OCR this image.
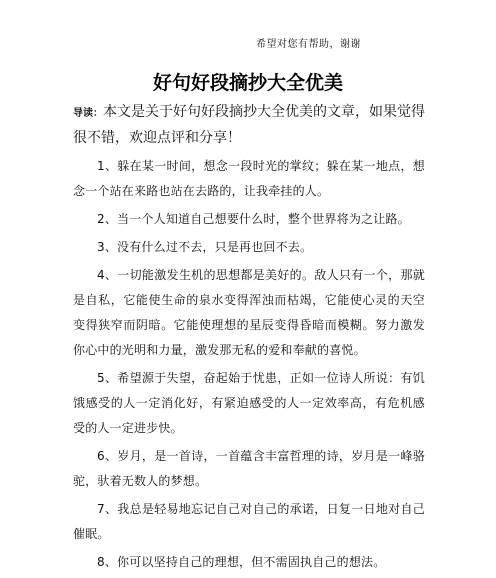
希望对您有帮助，谢谢
好句好段摘抄大全优美

导读：本文是关于好句好段摘抄大全优美的文章，如果觉得很不错，欢迎点评和分享！

1、躲在某一时间，想念一段时光的掌纹；躲在某一地点，想念一个站在来路也站在去路的，让我牵挂的人。

2、当一个人知道自己想要什么时，整个世界将为之让路。

3、没有什么过不去，只是再也回不去。

4、一切能激发生机的思想都是美好的。敌人只有一个，那就是自私，它能使生命的泉水变得浑浊而枯竭，它能使心灵的天空变得狭窄而阴暗。它能使理想的星辰变得昏暗而模糊。努力激发你心中的光明和力量，激发那无私的爱和奉献的喜悦。

5、希望源于失望，奋起始于忧患，正如一位诗人所说：有饥饿感受的人一定消化好，有紧迫感受的人一定效率高，有危机感受的人一定进步快。

6、岁月，是一首诗，一首蕴含丰富哲理的诗，岁月是一峰骆驼，驮着无数人的梦想。

7、我总是轻易地忘记自己对自己的承诺，日复一日地对自己催眠。

8、你可以坚持自己的理想，但不需固执自己的想法。
